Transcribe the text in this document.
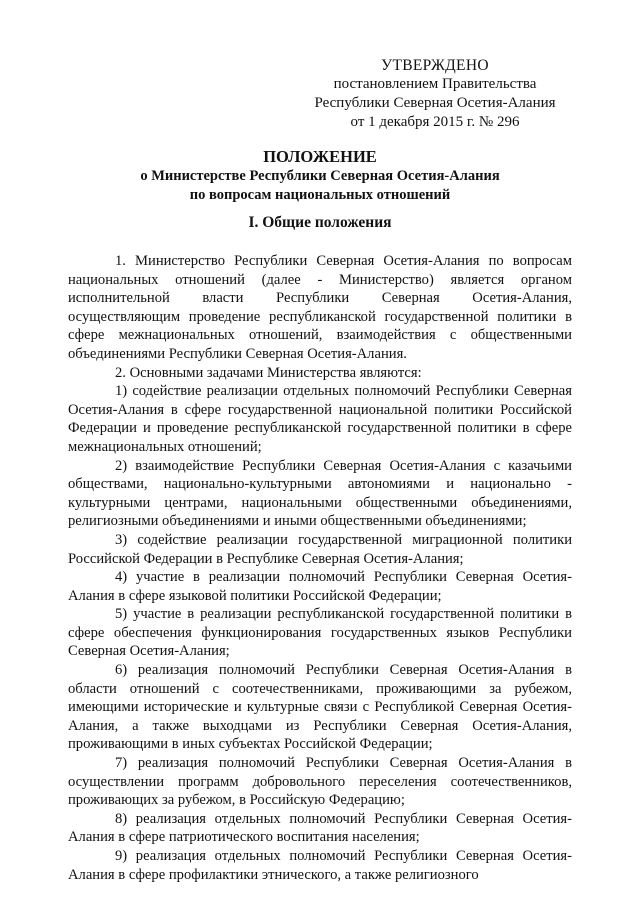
УТВЕРЖДЕНО
постановлением Правительства
Республики Северная Осетия-Алания
от 1 декабря 2015 г. № 296
ПОЛОЖЕНИЕ
о Министерстве Республики Северная Осетия-Алания
по вопросам национальных отношений
I. Общие положения

1. Министерство Республики Северная Осетия-Алания по вопросам национальных отношений (далее - Министерство) является органом исполнительной власти Республики Северная Осетия-Алания, осуществляющим проведение республиканской государственной политики в сфере межнациональных отношений, взаимодействия с общественными объединениями Республики Северная Осетия-Алания.

2. Основными задачами Министерства являются:

1) содействие реализации отдельных полномочий Республики Северная Осетия-Алания в сфере государственной национальной политики Российской Федерации и проведение республиканской государственной политики в сфере межнациональных отношений;

2) взаимодействие Республики Северная Осетия-Алания с казачьими обществами, национально-культурными автономиями и национально - культурными центрами, национальными общественными объединениями, религиозными объединениями и иными общественными объединениями;

3) содействие реализации государственной миграционной политики Российской Федерации в Республике Северная Осетия-Алания;

4) участие в реализации полномочий Республики Северная Осетия-Алания в сфере языковой политики Российской Федерации;

5) участие в реализации республиканской государственной политики в сфере обеспечения функционирования государственных языков Республики Северная Осетия-Алания;

6) реализация полномочий Республики Северная Осетия-Алания в области отношений с соотечественниками, проживающими за рубежом, имеющими исторические и культурные связи с Республикой Северная Осетия-Алания, а также выходцами из Республики Северная Осетия-Алания, проживающими в иных субъектах Российской Федерации;

7) реализация полномочий Республики Северная Осетия-Алания в осуществлении программ добровольного переселения соотечественников, проживающих за рубежом, в Российскую Федерацию;

8) реализация отдельных полномочий Республики Северная Осетия-Алания в сфере патриотического воспитания населения;

9) реализация отдельных полномочий Республики Северная Осетия-Алания в сфере профилактики этнического, а также религиозного
